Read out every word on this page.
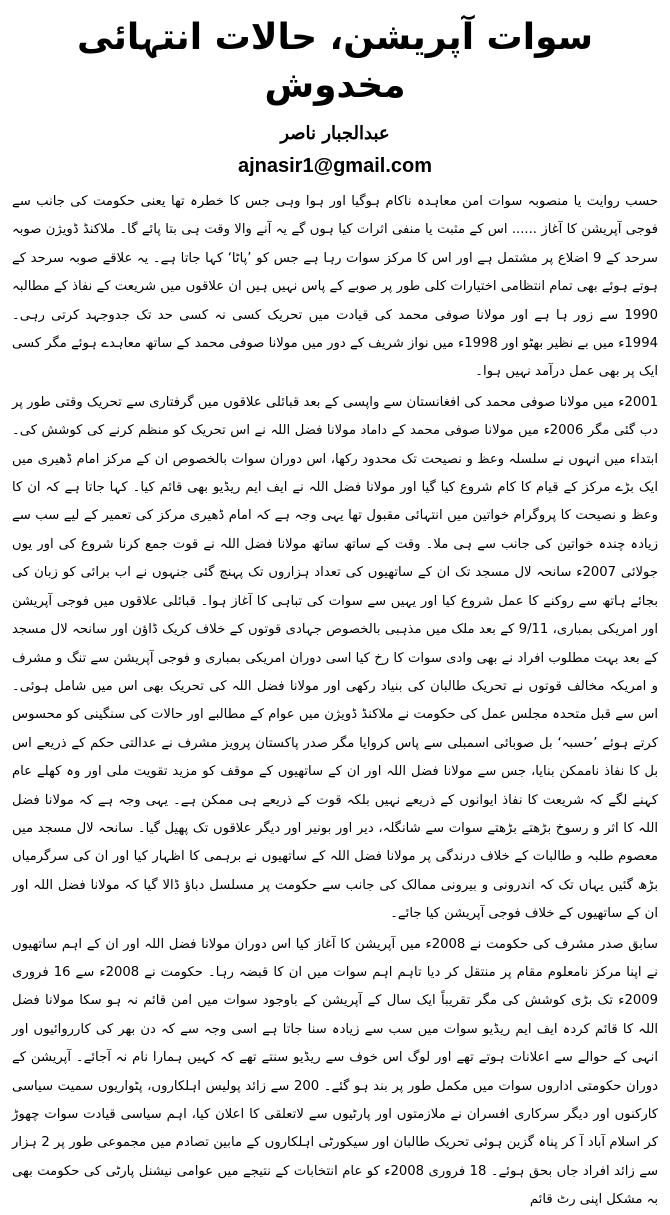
سوات آپریشن، حالات انتہائی مخدوش
عبدالجبار ناصر
ajnasir1@gmail.com

حسب روایت یا منصوبہ سوات امن معاہدہ ناکام ہوگیا اور ہوا وہی جس کا خطرہ تھا یعنی حکومت کی جانب سے فوجی آپریشن کا آغاز ...... اس کے مثبت یا منفی اثرات کیا ہوں گے یہ آنے والا وقت ہی بتا پائے گا۔ ملاکنڈ ڈویژن صوبہ سرحد کے 9 اضلاع پر مشتمل ہے اور اس کا مرکز سوات رہا ہے جس کو ’پاٹا‘ کہا جاتا ہے۔ یہ علاقے صوبہ سرحد کے ہوتے ہوئے بھی تمام انتظامی اختیارات کلی طور پر صوبے کے پاس نہیں ہیں ان علاقوں میں شریعت کے نفاذ کے مطالبہ 1990 سے زور ہا ہے اور مولانا صوفی محمد کی قیادت میں تحریک کسی نہ کسی حد تک جدوجہد کرتی رہی۔ 1994ء میں بے نظیر بھٹو اور 1998ء میں نواز شریف کے دور میں مولانا صوفی محمد کے ساتھ معاہدے ہوئے مگر کسی ایک پر بھی عمل درآمد نہیں ہوا۔

2001ء میں مولانا صوفی محمد کی افغانستان سے واپسی کے بعد قبائلی علاقوں میں گرفتاری سے تحریک وقتی طور پر دب گئی مگر 2006ء میں مولانا صوفی محمد کے داماد مولانا فضل اللہ نے اس تحریک کو منظم کرنے کی کوشش کی۔ ابتداء میں انہوں نے سلسلہ وعظ و نصیحت تک محدود رکھا، اس دوران سوات بالخصوص ان کے مرکز امام ڈھیری میں ایک بڑے مرکز کے قیام کا کام شروع کیا گیا اور مولانا فضل اللہ نے ایف ایم ریڈیو بھی قائم کیا۔ کہا جاتا ہے کہ ان کا وعظ و نصیحت کا پروگرام خواتین میں انتہائی مقبول تھا یہی وجہ ہے کہ امام ڈھیری مرکز کی تعمیر کے لیے سب سے زیادہ چندہ خواتین کی جانب سے ہی ملا۔ وقت کے ساتھ ساتھ مولانا فضل اللہ نے قوت جمع کرنا شروع کی اور یوں جولائی 2007ء سانحہ لال مسجد تک ان کے ساتھیوں کی تعداد ہزاروں تک پہنچ گئی جنہوں نے اب برائی کو زبان کی بجائے ہاتھ سے روکنے کا عمل شروع کیا اور یہیں سے سوات کی تباہی کا آغاز ہوا۔ قبائلی علاقوں میں فوجی آپریشن اور امریکی بمباری، 9/11 کے بعد ملک میں مذہبی بالخصوص جہادی قوتوں کے خلاف کریک ڈاؤن اور سانحہ لال مسجد کے بعد بہت مطلوب افراد نے بھی وادی سوات کا رخ کیا اسی دوران امریکی بمباری و فوجی آپریشن سے تنگ و مشرف و امریکہ مخالف قوتوں نے تحریک طالبان کی بنیاد رکھی اور مولانا فضل اللہ کی تحریک بھی اس میں شامل ہوئی۔ اس سے قبل متحدہ مجلس عمل کی حکومت نے ملاکنڈ ڈویژن میں عوام کے مطالبے اور حالات کی سنگینی کو محسوس کرتے ہوئے ’حسبہ‘ بل صوبائی اسمبلی سے پاس کروایا مگر صدر پاکستان پرویز مشرف نے عدالتی حکم کے ذریعے اس بل کا نفاذ ناممکن بنایا، جس سے مولانا فضل اللہ اور ان کے ساتھیوں کے موقف کو مزید تقویت ملی اور وہ کھلے عام کہنے لگے کہ شریعت کا نفاذ ایوانوں کے ذریعے نہیں بلکہ قوت کے ذریعے ہی ممکن ہے۔ یہی وجہ ہے کہ مولانا فضل اللہ کا اثر و رسوخ بڑھتے بڑھتے سوات سے شانگلہ، دیر اور بونیر اور دیگر علاقوں تک پھیل گیا۔ سانحہ لال مسجد میں معصوم طلبہ و طالبات کے خلاف درندگی پر مولانا فضل اللہ کے ساتھیوں نے برہمی کا اظہار کیا اور ان کی سرگرمیاں بڑھ گئیں یہاں تک کہ اندرونی و بیرونی ممالک کی جانب سے حکومت پر مسلسل دباؤ ڈالا گیا کہ مولانا فضل اللہ اور ان کے ساتھیوں کے خلاف فوجی آپریشن کیا جائے۔

سابق صدر مشرف کی حکومت نے 2008ء میں آپریشن کا آغاز کیا اس دوران مولانا فضل اللہ اور ان کے اہم ساتھیوں نے اپنا مرکز نامعلوم مقام پر منتقل کر دیا تاہم اہم سوات میں ان کا قبضہ رہا۔ حکومت نے 2008ء سے 16 فروری 2009ء تک بڑی کوشش کی مگر تقریباً ایک سال کے آپریشن کے باوجود سوات میں امن قائم نہ ہو سکا مولانا فضل اللہ کا قائم کردہ ایف ایم ریڈیو سوات میں سب سے زیادہ سنا جاتا ہے اسی وجہ سے کہ دن بھر کی کارروائیوں اور انہی کے حوالے سے اعلانات ہوتے تھے اور لوگ اس خوف سے ریڈیو سنتے تھے کہ کہیں ہمارا نام نہ آجائے۔ آپریشن کے دوران حکومتی اداروں سوات میں مکمل طور پر بند ہو گئے۔ 200 سے زائد پولیس اہلکاروں، پٹواریوں سمیت سیاسی کارکنوں اور دیگر سرکاری افسران نے ملازمتوں اور پارٹیوں سے لاتعلقی کا اعلان کیا، اہم سیاسی قیادت سوات چھوڑ کر اسلام آباد آ کر پناہ گزین ہوئی تحریک طالبان اور سیکورٹی اہلکاروں کے مابین تصادم میں مجموعی طور پر 2 ہزار سے زائد افراد جاں بحق ہوئے۔ 18 فروری 2008ء کو عام انتخابات کے نتیجے میں عوامی نیشنل پارٹی کی حکومت بھی بہ مشکل اپنی رٹ قائم
